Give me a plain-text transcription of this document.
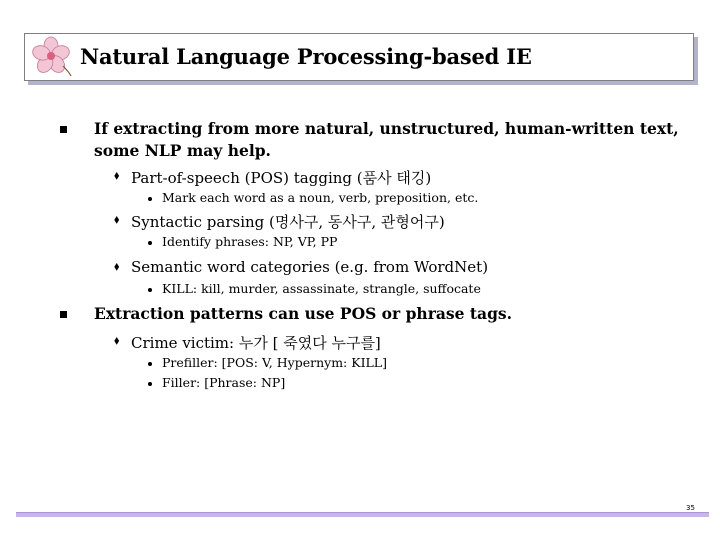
Natural Language Processing-based IE
If extracting from more natural, unstructured, human-written text, some NLP may help.
⬧ Part-of-speech (POS) tagging (품사 태깅)
Mark each word as a noun, verb, preposition, etc.
⬧ Syntactic parsing (명사구, 동사구, 관형어구)
Identify phrases: NP, VP, PP
⬧ Semantic word categories (e.g. from WordNet)
KILL: kill, murder, assassinate, strangle, suffocate
Extraction patterns can use POS or phrase tags.
⬧ Crime victim: 누가 [ 죽였다 누구를]
Prefiller: [POS: V, Hypernym: KILL]
Filler: [Phrase: NP]
35
